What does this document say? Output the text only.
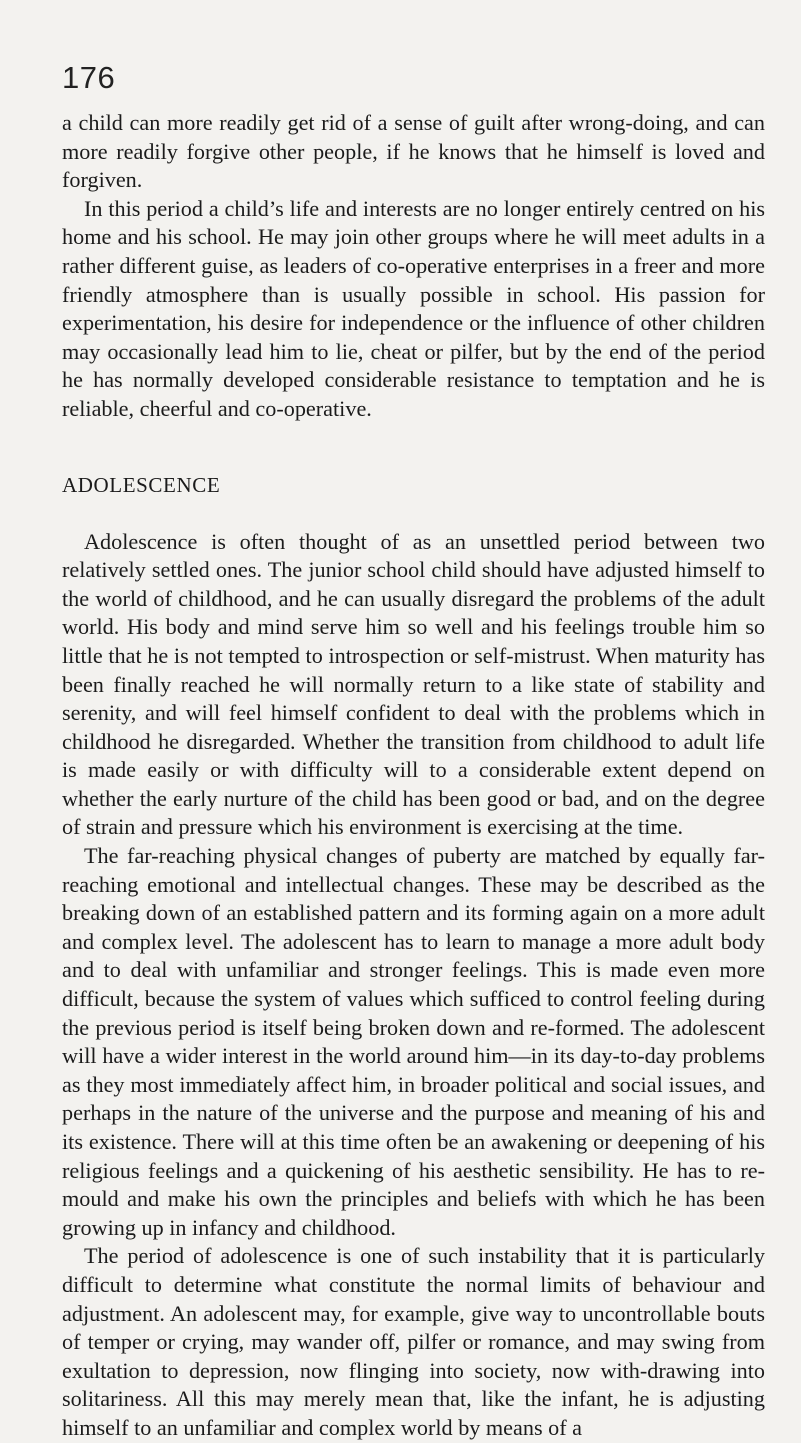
176

a child can more readily get rid of a sense of guilt after wrong-doing, and can more readily forgive other people, if he knows that he himself is loved and forgiven.

In this period a child’s life and interests are no longer entirely centred on his home and his school. He may join other groups where he will meet adults in a rather different guise, as leaders of co-operative enterprises in a freer and more friendly atmosphere than is usually possible in school. His passion for experimentation, his desire for independence or the influence of other children may occasionally lead him to lie, cheat or pilfer, but by the end of the period he has normally developed considerable resistance to temptation and he is reliable, cheerful and co-operative.

ADOLESCENCE

Adolescence is often thought of as an unsettled period between two relatively settled ones. The junior school child should have adjusted himself to the world of childhood, and he can usually disregard the problems of the adult world. His body and mind serve him so well and his feelings trouble him so little that he is not tempted to introspection or self-mistrust. When maturity has been finally reached he will normally return to a like state of stability and serenity, and will feel himself confident to deal with the problems which in childhood he disregarded. Whether the transition from childhood to adult life is made easily or with difficulty will to a considerable extent depend on whether the early nurture of the child has been good or bad, and on the degree of strain and pressure which his environment is exercising at the time.

The far-reaching physical changes of puberty are matched by equally far-reaching emotional and intellectual changes. These may be described as the breaking down of an established pattern and its forming again on a more adult and complex level. The adolescent has to learn to manage a more adult body and to deal with unfamiliar and stronger feelings. This is made even more difficult, because the system of values which sufficed to control feeling during the previous period is itself being broken down and re-formed. The adolescent will have a wider interest in the world around him—in its day-to-day problems as they most immediately affect him, in broader political and social issues, and perhaps in the nature of the universe and the purpose and meaning of his and its existence. There will at this time often be an awakening or deepening of his religious feelings and a quickening of his aesthetic sensibility. He has to re-mould and make his own the principles and beliefs with which he has been growing up in infancy and childhood.

The period of adolescence is one of such instability that it is particularly difficult to determine what constitute the normal limits of behaviour and adjustment. An adolescent may, for example, give way to uncontrollable bouts of temper or crying, may wander off, pilfer or romance, and may swing from exultation to depression, now flinging into society, now with-drawing into solitariness. All this may merely mean that, like the infant, he is adjusting himself to an unfamiliar and complex world by means of a
